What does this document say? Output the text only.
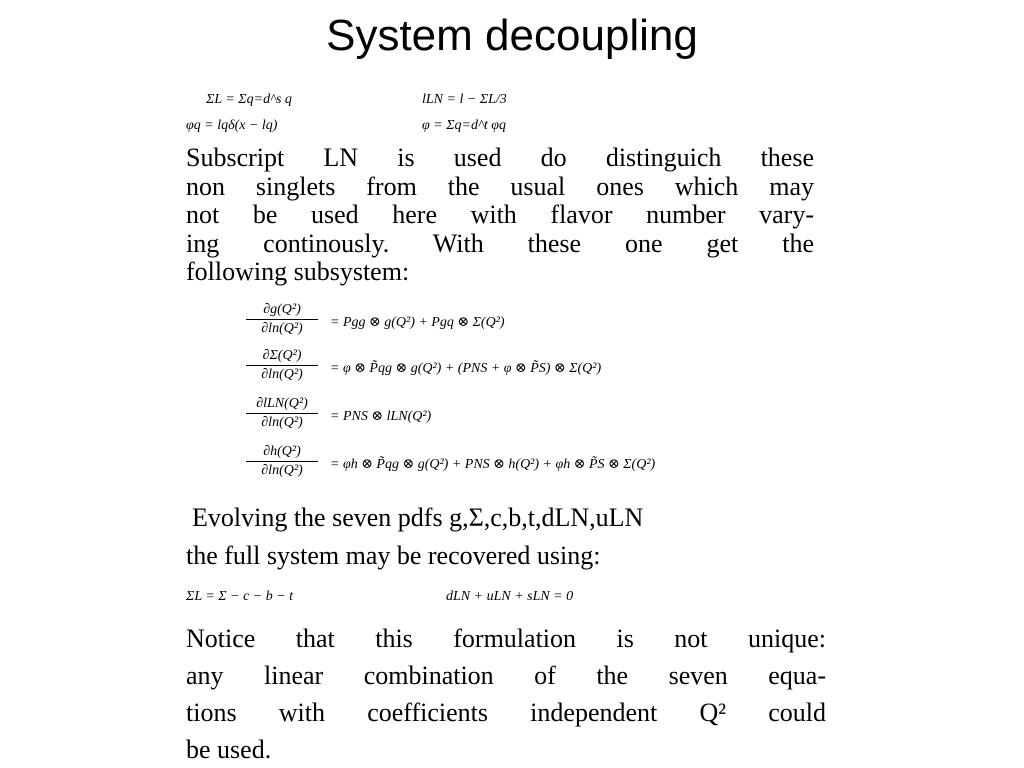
System decoupling
ΣL = Σq=d^s q	lLN = l − ΣL/3
φq = lqδ(x − lq)	φ = Σq=d^t φq
Subscript LN is used do distinguich these
non singlets from the usual ones which may
not be used here with flavor number vary-
ing continously. With these one get the
following subsystem:
$\frac{\text{∂g(Q²)}}{\text{∂ln(Q²)}}$ = Pgg ⊗ g(Q²) + Pgq ⊗ Σ(Q²)
$\frac{\text{∂Σ(Q²)}}{\text{∂ln(Q²)}} = \varphi$ ⊗ P̃qg ⊗ g(Q²) + (PNS + φ ⊗ P̃S) ⊗ Σ(Q²)
∂lLN(Q²)
∂ln(Q²)	= PNS ⊗ lLN(Q²)
$\frac{\text{∂h(Q²)}}{\text{∂ln(Q²)}} = \varphi h$ ⊗ P̃qg ⊗ g(Q²) + PNS ⊗ h(Q²) + φh ⊗ P̃S ⊗ Σ(Q²)
Evolving the seven pdfs g,Σ,c,b,t,dLN,uLN
the full system may be recovered using:
ΣL = Σ − c − b − t	dLN + uLN + sLN = 0
Notice that this formulation is not unique:
any linear combination of the seven equa-
tions with coefficients independent Q² could
be used.
